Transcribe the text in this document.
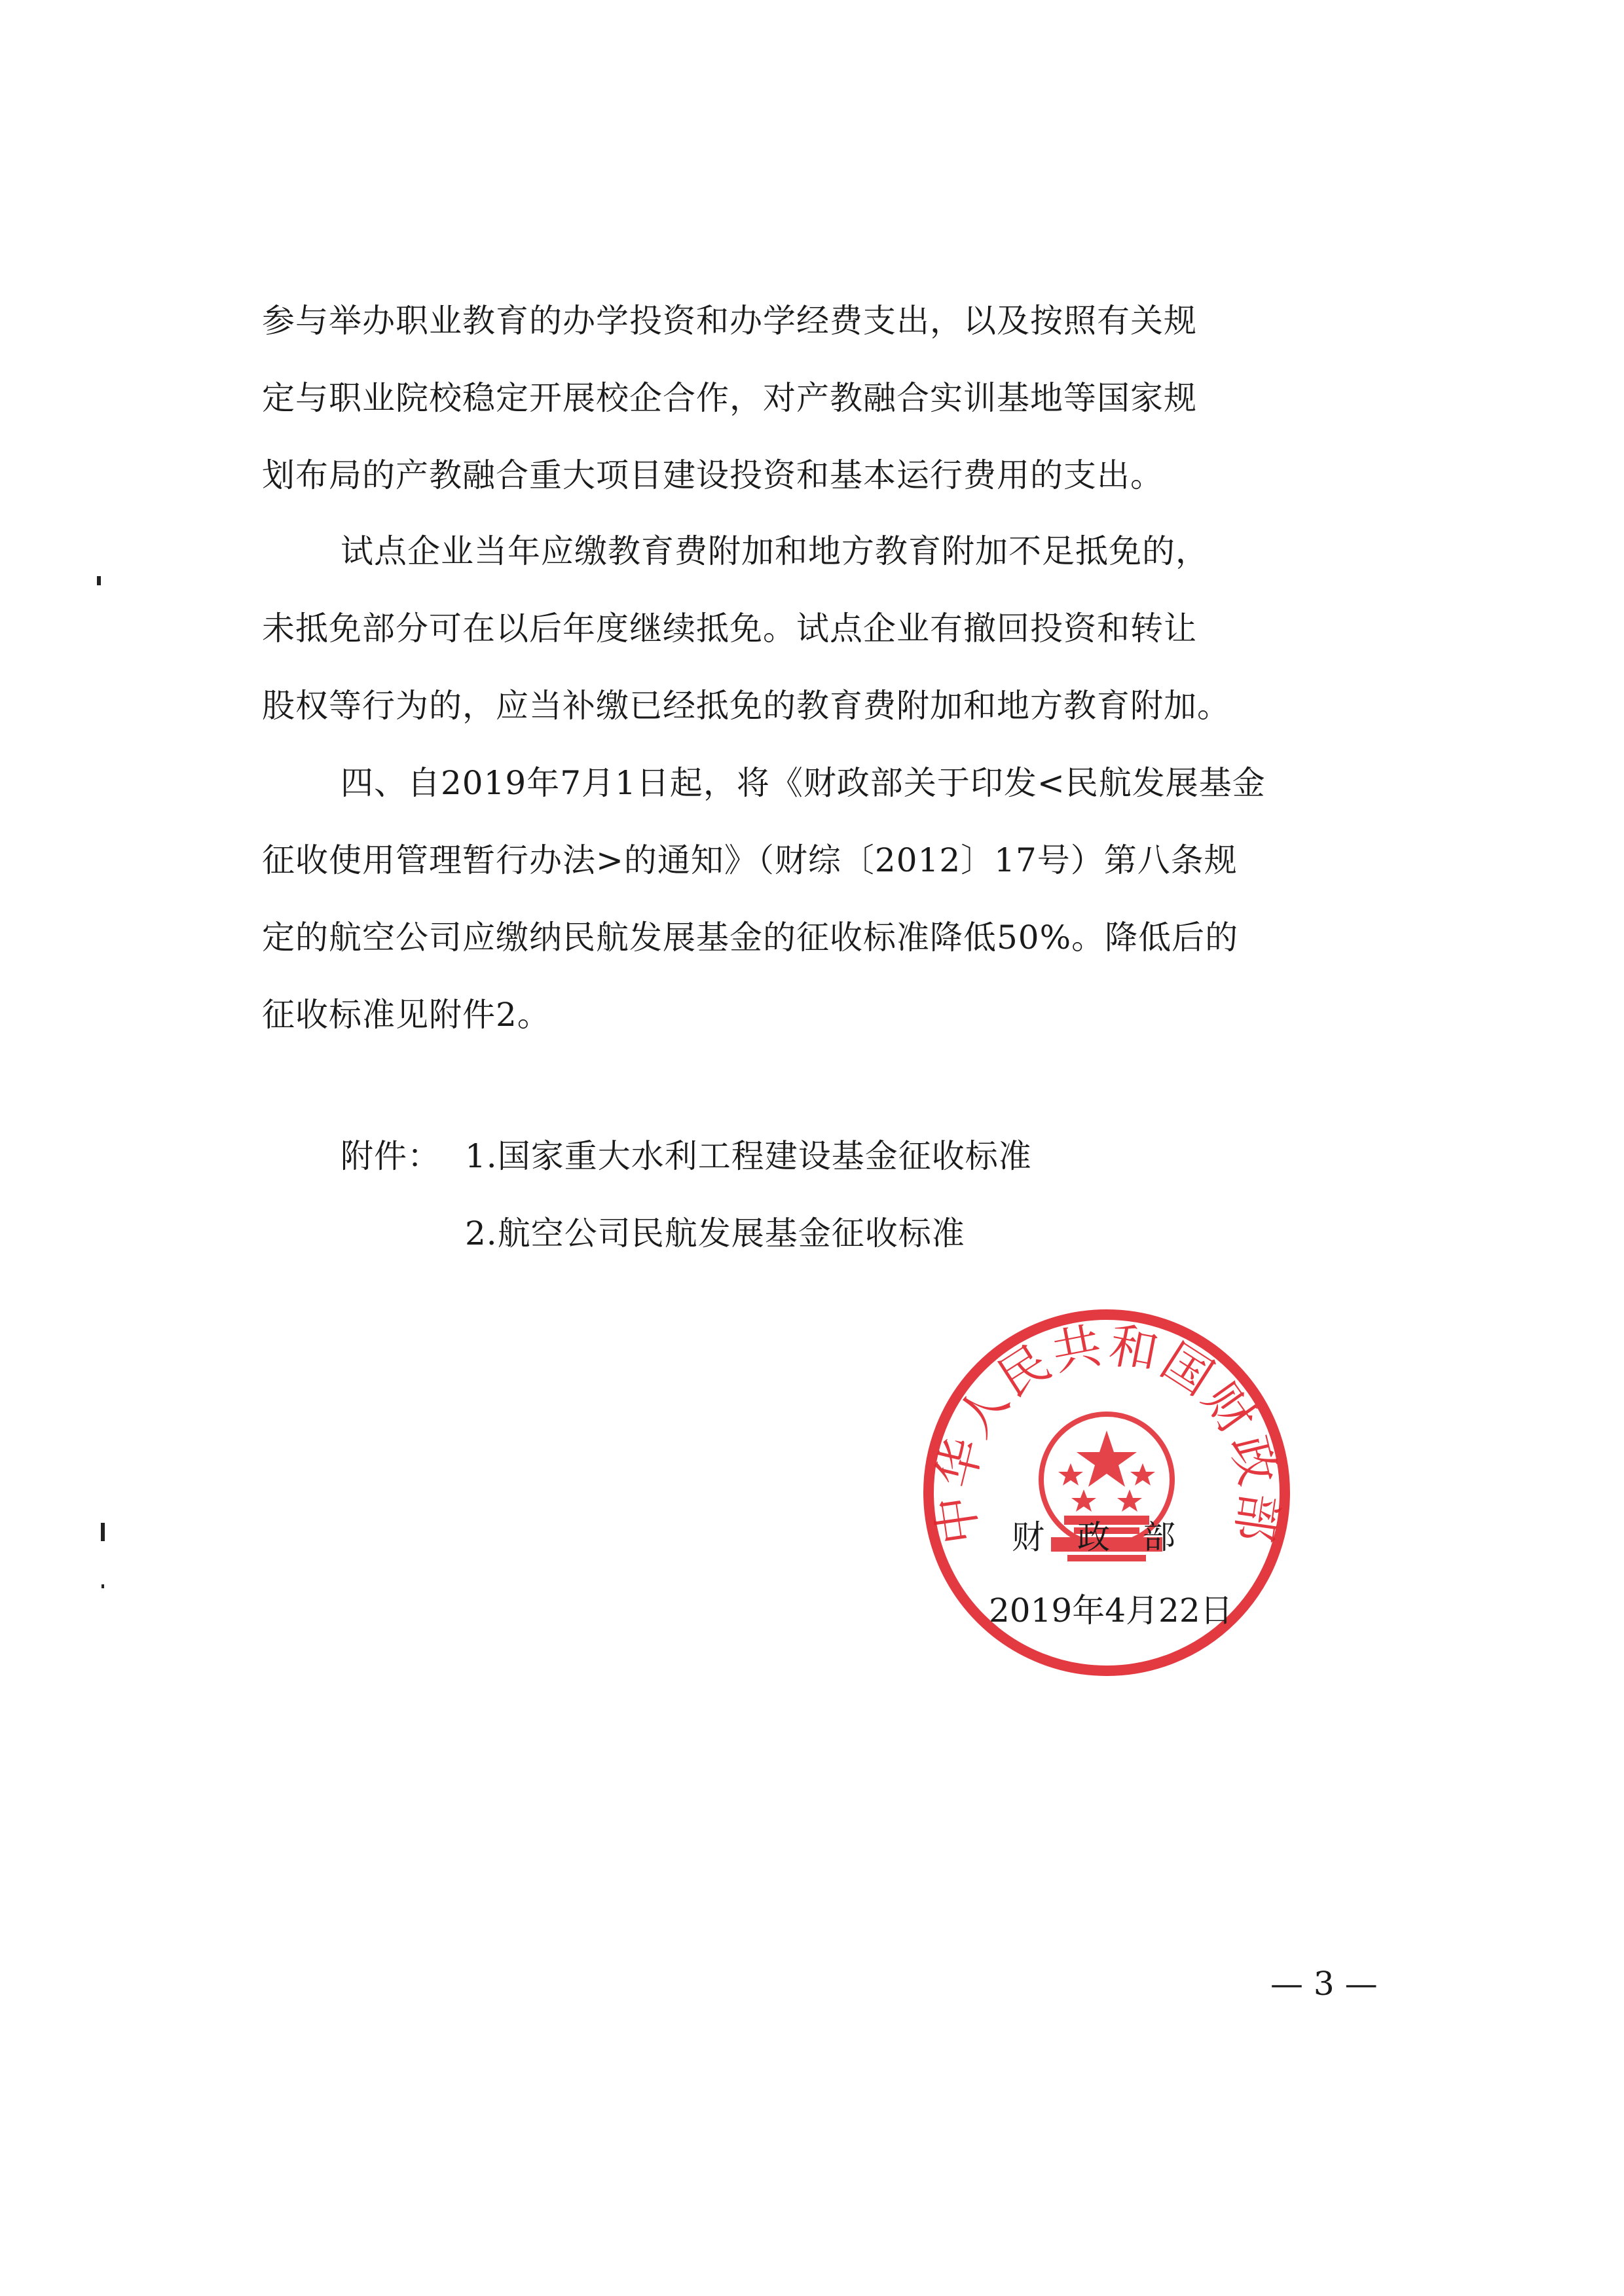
参与举办职业教育的办学投资和办学经费支出，以及按照有关规
定与职业院校稳定开展校企合作，对产教融合实训基地等国家规
划布局的产教融合重大项目建设投资和基本运行费用的支出。
试点企业当年应缴教育费附加和地方教育附加不足抵免的，
未抵免部分可在以后年度继续抵免。试点企业有撤回投资和转让
股权等行为的，应当补缴已经抵免的教育费附加和地方教育附加。
四、自2019年7月1日起，将《财政部关于印发<民航发展基金
征收使用管理暂行办法>的通知》（财综〔2012〕17号）第八条规
定的航空公司应缴纳民航发展基金的征收标准降低50%。降低后的
征收标准见附件2。
附件： 1.国家重大水利工程建设基金征收标准
2.航空公司民航发展基金征收标准
中华人民共和国财政部
财　政　部
2019年4月22日
— 3 —
